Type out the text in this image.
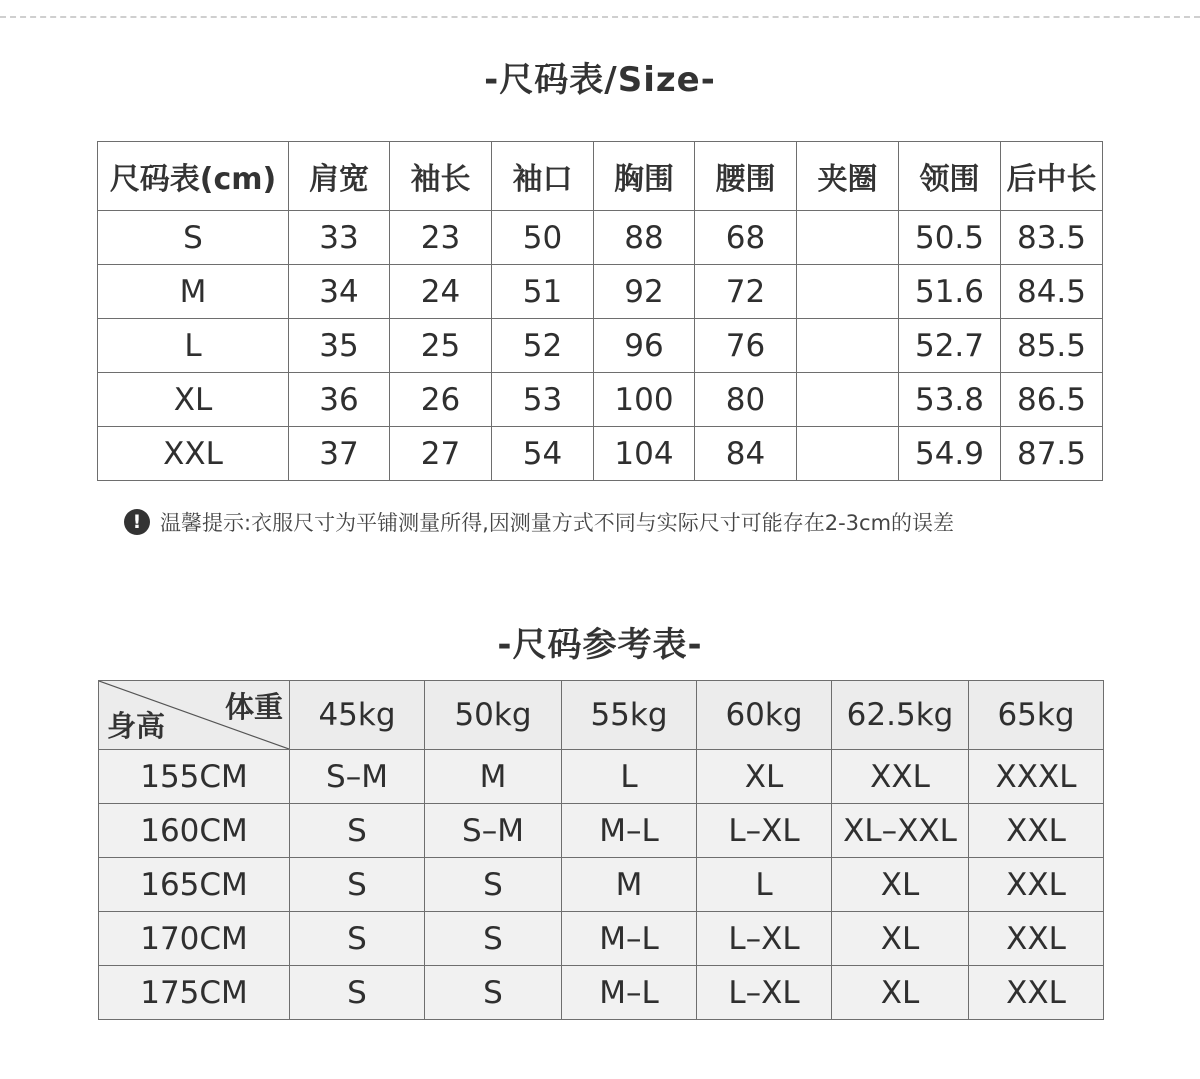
-尺码表/Size-
尺码表(cm)	肩宽	袖长	袖口	胸围	腰围	夹圈	领围	后中长
S	33	23	50	88	68		50.5	83.5
M	34	24	51	92	72		51.6	84.5
L	35	25	52	96	76		52.7	85.5
XL	36	26	53	100	80		53.8	86.5
XXL	37	27	54	104	84		54.9	87.5
! 温馨提示:衣服尺寸为平铺测量所得,因测量方式不同与实际尺寸可能存在2-3cm的误差
-尺码参考表-
体重
身高	45kg	50kg	55kg	60kg	62.5kg	65kg
155CM	S–M	M	L	XL	XXL	XXXL
160CM	S	S–M	M–L	L–XL	XL–XXL	XXL
165CM	S	S	M	L	XL	XXL
170CM	S	S	M–L	L–XL	XL	XXL
175CM	S	S	M–L	L–XL	XL	XXL
